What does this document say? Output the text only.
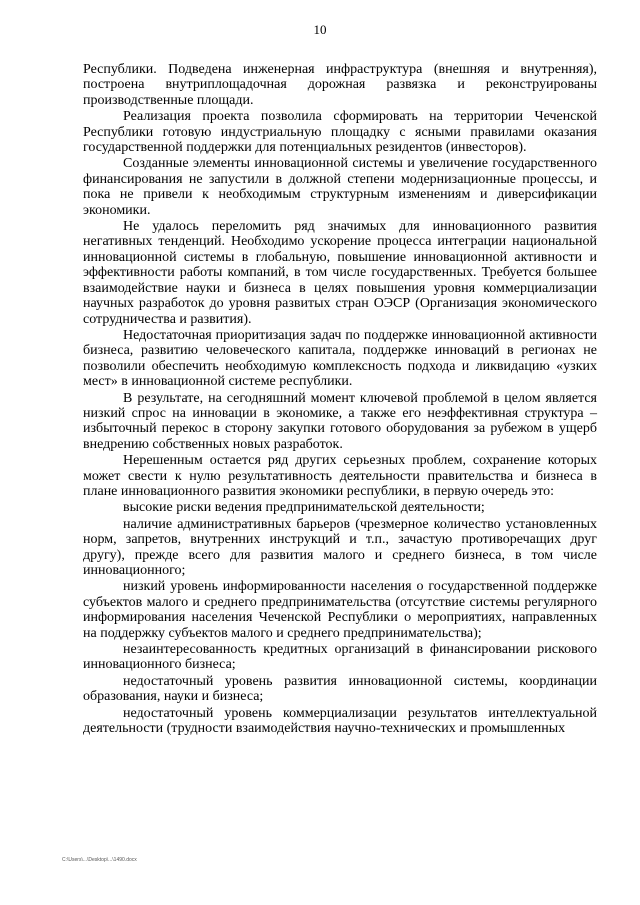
10

Республики. Подведена инженерная инфраструктура (внешняя и внутренняя), построена внутриплощадочная дорожная развязка и реконструированы производственные площади.

Реализация проекта позволила сформировать на территории Чеченской Республики готовую индустриальную площадку с ясными правилами оказания государственной поддержки для потенциальных резидентов (инвесторов).

Созданные элементы инновационной системы и увеличение государственного финансирования не запустили в должной степени модернизационные процессы, и пока не привели к необходимым структурным изменениям и диверсификации экономики.

Не удалось переломить ряд значимых для инновационного развития негативных тенденций. Необходимо ускорение процесса интеграции национальной инновационной системы в глобальную, повышение инновационной активности и эффективности работы компаний, в том числе государственных. Требуется большее взаимодействие науки и бизнеса в целях повышения уровня коммерциализации научных разработок до уровня развитых стран ОЭСР (Организация экономического сотрудничества и развития).

Недостаточная приоритизация задач по поддержке инновационной активности бизнеса, развитию человеческого капитала, поддержке инноваций в регионах не позволили обеспечить необходимую комплексность подхода и ликвидацию «узких мест» в инновационной системе республики.

В результате, на сегодняшний момент ключевой проблемой в целом является низкий спрос на инновации в экономике, а также его неэффективная структура – избыточный перекос в сторону закупки готового оборудования за рубежом в ущерб внедрению собственных новых разработок.

Нерешенным остается ряд других серьезных проблем, сохранение которых может свести к нулю результативность деятельности правительства и бизнеса в плане инновационного развития экономики республики, в первую очередь это:

высокие риски ведения предпринимательской деятельности;

наличие административных барьеров (чрезмерное количество установленных норм, запретов, внутренних инструкций и т.п., зачастую противоречащих друг другу), прежде всего для развития малого и среднего бизнеса, в том числе инновационного;

низкий уровень информированности населения о государственной поддержке субъектов малого и среднего предпринимательства (отсутствие системы регулярного информирования населения Чеченской Республики о мероприятиях, направленных на поддержку субъектов малого и среднего предпринимательства);

незаинтересованность кредитных организаций в финансировании рискового инновационного бизнеса;

недостаточный уровень развития инновационной системы, координации образования, науки и бизнеса;

недостаточный уровень коммерциализации результатов интеллектуальной деятельности (трудности взаимодействия научно-технических и промышленных

C:\Users\...\Desktop\...\1490.docx
